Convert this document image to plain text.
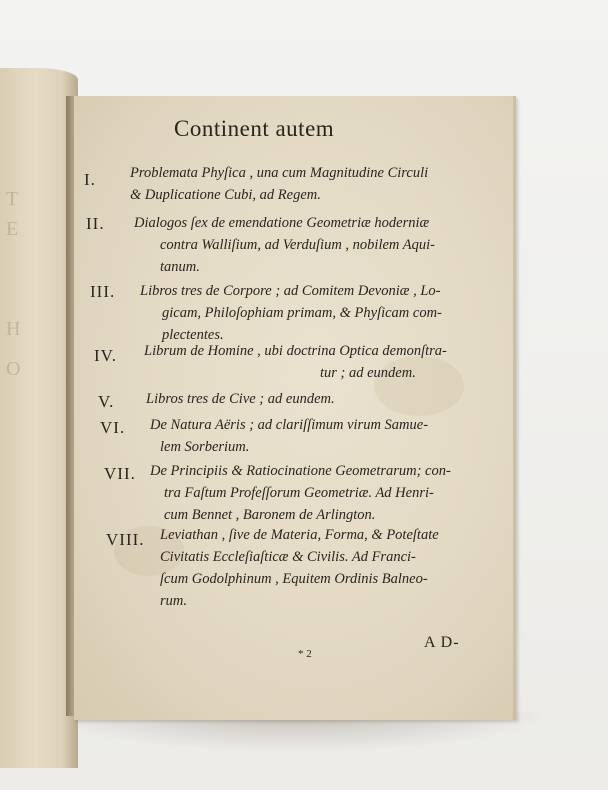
T
E
H
O
Continent autem
I. Problemata Phyſica , una cum Magnitudine Circuli
& Duplicatione Cubi, ad Regem.
II. Dialogos ſex de emendatione Geometriæ hoderniæ
contra Walliſium, ad Verduſium , nobilem Aqui-
tanum.
III. Libros tres de Corpore ; ad Comitem Devoniæ , Lo-
gicam, Philoſophiam primam, & Phyſicam com-
plectentes.
IV. Librum de Homine , ubi doctrina Optica demonſtra-
tur ; ad eundem.
V. Libros tres de Cive ; ad eundem.
VI. De Natura Aëris ; ad clariſſimum virum Samue-
lem Sorberium.
VII. De Principiis & Ratiocinatione Geometrarum; con-
tra Faſtum Profeſſorum Geometriæ. Ad Henri-
cum Bennet , Baronem de Arlington.
VIII. Leviathan , ſive de Materia, Forma, & Poteſtate
Civitatis Eccleſiaſticæ & Civilis. Ad Franci-
ſcum Godolphinum , Equitem Ordinis Balneo-
rum.
* 2
A D-
